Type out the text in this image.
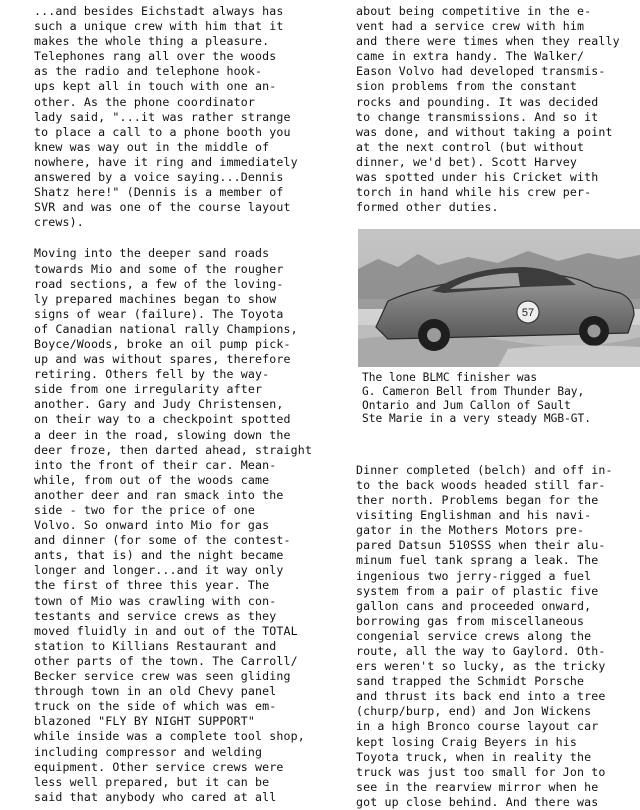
...and besides Eichstadt always has
such a unique crew with him that it
makes the whole thing a pleasure.
Telephones rang all over the woods
as the radio and telephone hook-
ups kept all in touch with one an-
other. As the phone coordinator
lady said, "...it was rather strange
to place a call to a phone booth you
knew was way out in the middle of
nowhere, have it ring and immediately
answered by a voice saying...Dennis
Shatz here!" (Dennis is a member of
SVR and was one of the course layout
crews).

Moving into the deeper sand roads
towards Mio and some of the rougher
road sections, a few of the loving-
ly prepared machines began to show
signs of wear (failure). The Toyota
of Canadian national rally Champions,
Boyce/Woods, broke an oil pump pick-
up and was without spares, therefore
retiring. Others fell by the way-
side from one irregularity after
another. Gary and Judy Christensen,
on their way to a checkpoint spotted
a deer in the road, slowing down the
deer froze, then darted ahead, straight
into the front of their car. Mean-
while, from out of the woods came
another deer and ran smack into the
side - two for the price of one
Volvo. So onward into Mio for gas
and dinner (for some of the contest-
ants, that is) and the night became
longer and longer...and it way only
the first of three this year. The
town of Mio was crawling with con-
testants and service crews as they
moved fluidly in and out of the TOTAL
station to Killians Restaurant and
other parts of the town. The Carroll/
Becker service crew was seen gliding
through town in an old Chevy panel
truck on the side of which was em-
blazoned "FLY BY NIGHT SUPPORT"
while inside was a complete tool shop,
including compressor and welding
equipment. Other service crews were
less well prepared, but it can be
said that anybody who cared at all

about being competitive in the e-
vent had a service crew with him
and there were times when they really
came in extra handy. The Walker/
Eason Volvo had developed transmis-
sion problems from the constant
rocks and pounding. It was decided
to change transmissions. And so it
was done, and without taking a point
at the next control (but without
dinner, we'd bet). Scott Harvey
was spotted under his Cricket with
torch in hand while his crew per-
formed other duties.

57

The lone BLMC finisher was
G. Cameron Bell from Thunder Bay,
Ontario and Jum Callon of Sault
Ste Marie in a very steady MGB-GT.

Dinner completed (belch) and off in-
to the back woods headed still far-
ther north. Problems began for the
visiting Englishman and his navi-
gator in the Mothers Motors pre-
pared Datsun 510SSS when their alu-
minum fuel tank sprang a leak. The
ingenious two jerry-rigged a fuel
system from a pair of plastic five
gallon cans and proceeded onward,
borrowing gas from miscellaneous
congenial service crews along the
route, all the way to Gaylord. Oth-
ers weren't so lucky, as the tricky
sand trapped the Schmidt Porsche
and thrust its back end into a tree
(churp/burp, end) and Jon Wickens
in a high Bronco course layout car
kept losing Craig Beyers in his
Toyota truck, when in reality the
truck was just too small for Jon to
see in the rearview mirror when he
got up close behind. And there was
